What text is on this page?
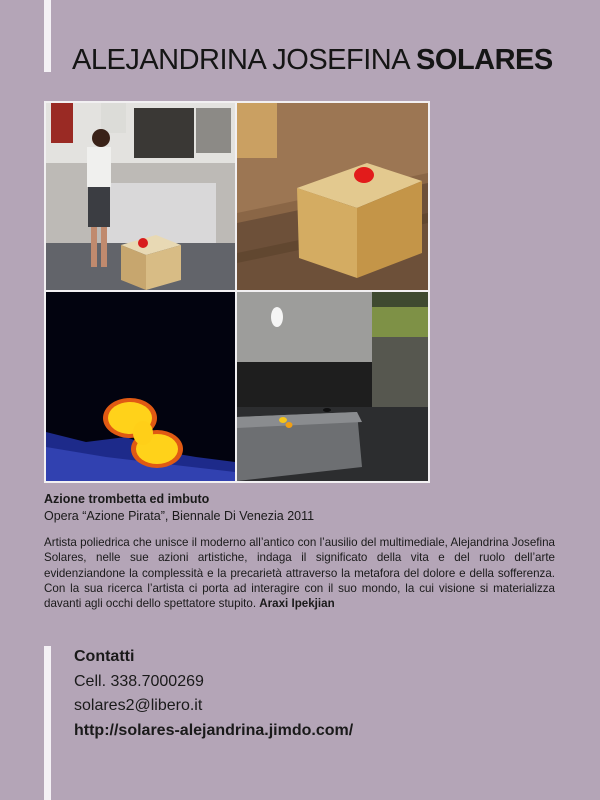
ALEJANDRINA JOSEFINA SOLARES
Azione trombetta ed imbuto
Opera “Azione Pirata”, Biennale Di Venezia 2011

Artista poliedrica che unisce il moderno all’antico con l’ausilio del multimediale, Alejandrina Josefina Solares, nelle sue azioni artistiche, indaga il significato della vita e del ruolo dell’arte evidenziandone la complessità e la precarietà attraverso la metafora del dolore e della sofferenza. Con la sua ricerca l’artista ci porta ad interagire con il suo mondo, la cui visione si materializza davanti agli occhi dello spettatore stupito. Araxi Ipekjian

Contatti
Cell. 338.7000269
solares2@libero.it
http://solares-alejandrina.jimdo.com/
